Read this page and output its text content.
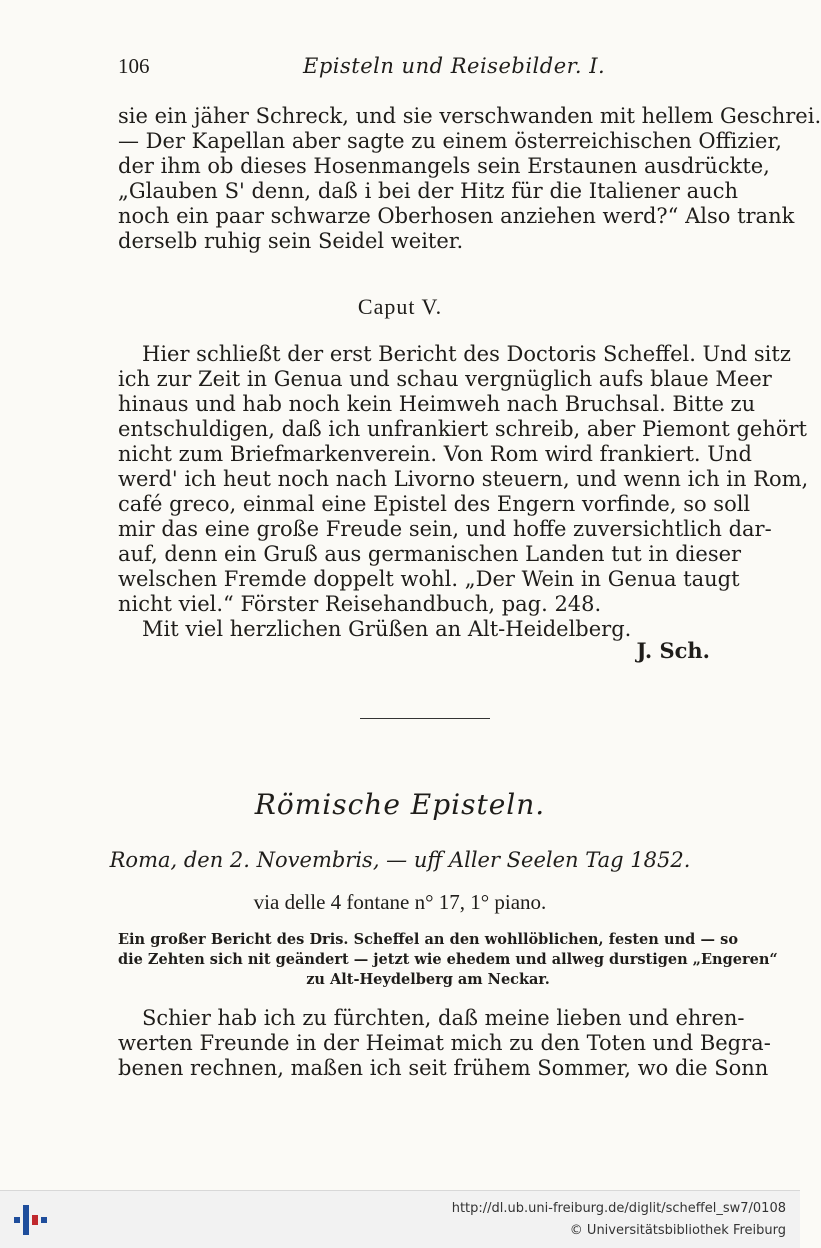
106	Episteln und Reisebilder. I.
sie ein jäher Schreck, und sie verschwanden mit hellem Geschrei.
— Der Kapellan aber sagte zu einem österreichischen Offizier,
der ihm ob dieses Hosenmangels sein Erstaunen ausdrückte,
„Glauben S' denn, daß i bei der Hitz für die Italiener auch
noch ein paar schwarze Oberhosen anziehen werd?“ Also trank
derselb ruhig sein Seidel weiter.
Caput V.
Hier schließt der erst Bericht des Doctoris Scheffel. Und sitz
ich zur Zeit in Genua und schau vergnüglich aufs blaue Meer
hinaus und hab noch kein Heimweh nach Bruchsal. Bitte zu
entschuldigen, daß ich unfrankiert schreib, aber Piemont gehört
nicht zum Briefmarkenverein. Von Rom wird frankiert. Und
werd' ich heut noch nach Livorno steuern, und wenn ich in Rom,
café greco, einmal eine Epistel des Engern vorfinde, so soll
mir das eine große Freude sein, und hoffe zuversichtlich dar-
auf, denn ein Gruß aus germanischen Landen tut in dieser
welschen Fremde doppelt wohl. „Der Wein in Genua taugt
nicht viel.“ Förster Reisehandbuch, pag. 248.
Mit viel herzlichen Grüßen an Alt-Heidelberg.
J. Sch.
Römische Episteln.
Roma, den 2. Novembris, — uff Aller Seelen Tag 1852.
via delle 4 fontane n° 17, 1° piano.
Ein großer Bericht des Dris. Scheffel an den wohllöblichen, festen und — so
die Zehten sich nit geändert — jetzt wie ehedem und allweg durstigen „Engeren“
zu Alt-Heydelberg am Neckar.
Schier hab ich zu fürchten, daß meine lieben und ehren-
werten Freunde in der Heimat mich zu den Toten und Begra-
benen rechnen, maßen ich seit frühem Sommer, wo die Sonn
http://dl.ub.uni-freiburg.de/diglit/scheffel_sw7/0108
© Universitätsbibliothek Freiburg
